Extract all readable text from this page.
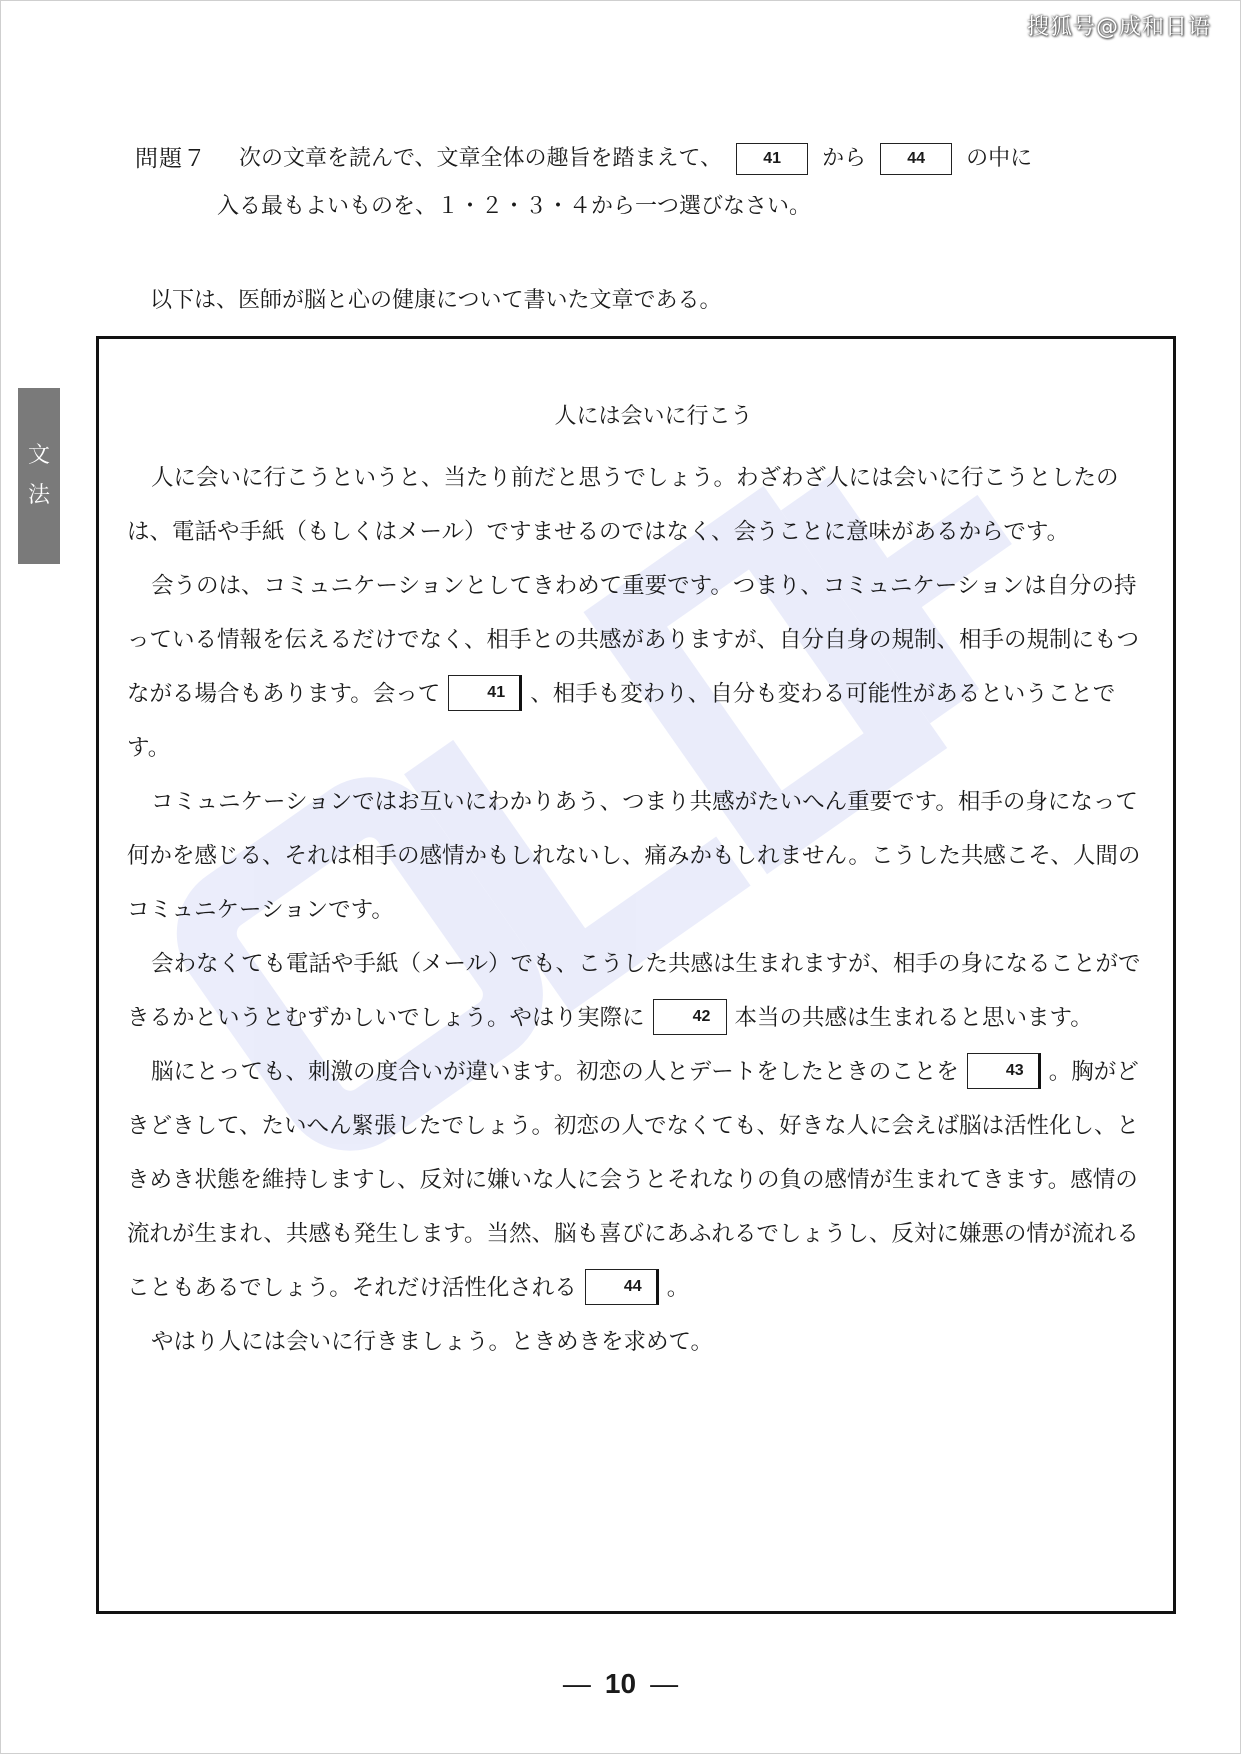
搜狐号@成和日语
問題７ 次の文章を読んで、文章全体の趣旨を踏まえて、	41	から	44	の中に
入る最もよいものを、１・２・３・４から一つ選びなさい。
以下は、医師が脳と心の健康について書いた文章である。
文
法
人には会いに行こう

人に会いに行こうというと、当たり前だと思うでしょう。わざわざ人には会いに行こうとしたのは、電話や手紙（もしくはメール）ですませるのではなく、会うことに意味があるからです。

会うのは、コミュニケーションとしてきわめて重要です。つまり、コミュニケーションは自分の持っている情報を伝えるだけでなく、相手との共感がありますが、自分自身の規制、相手の規制にもつながる場合もあります。会って	41 、相手も変わり、自分も変わる可能性があるということです。

コミュニケーションではお互いにわかりあう、つまり共感がたいへん重要です。相手の身になって何かを感じる、それは相手の感情かもしれないし、痛みかもしれません。こうした共感こそ、人間のコミュニケーションです。

会わなくても電話や手紙（メール）でも、こうした共感は生まれますが、相手の身になることができるかというとむずかしいでしょう。やはり実際に	42 本当の共感は生まれると思います。

脳にとっても、刺激の度合いが違います。初恋の人とデートをしたときのことを	43 。胸がどきどきして、たいへん緊張したでしょう。初恋の人でなくても、好きな人に会えば脳は活性化し、ときめき状態を維持しますし、反対に嫌いな人に会うとそれなりの負の感情が生まれてきます。感情の流れが生まれ、共感も発生します。当然、脳も喜びにあふれるでしょうし、反対に嫌悪の情が流れることもあるでしょう。それだけ活性化される	44 。

やはり人には会いに行きましょう。ときめきを求めて。

— 10 —
